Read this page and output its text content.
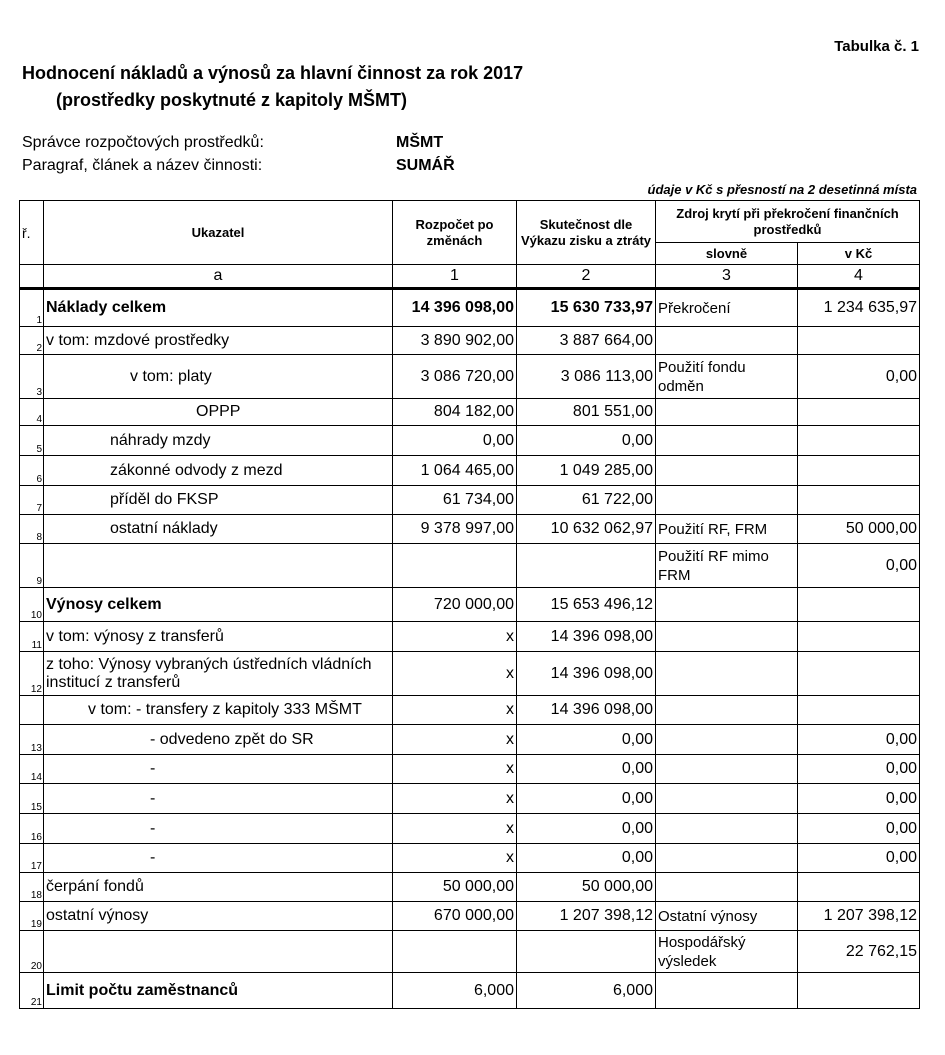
Tabulka č. 1
Hodnocení nákladů a výnosů za hlavní činnost za rok 2017
(prostředky poskytnuté z kapitoly MŠMT)
Správce rozpočtových prostředků:	MŠMT
Paragraf, článek a název činnosti:	SUMÁŘ
údaje v Kč s přesností na 2 desetinná místa
ř.	Ukazatel	Rozpočet po změnách	Skutečnost dle Výkazu zisku a ztráty	Zdroj krytí při překročení finančních prostředků	
				slovně	v Kč
	a	1	2	3	4
1	Náklady celkem	14 396 098,00	15 630 733,97	Překročení	1 234 635,97
2	v tom: mzdové prostředky	3 890 902,00	3 887 664,00		
3	v tom: platy	3 086 720,00	3 086 113,00	Použití fondu odměn	0,00
4	OPPP	804 182,00	801 551,00		
5	náhrady mzdy	0,00	0,00		
6	zákonné odvody z mezd	1 064 465,00	1 049 285,00		
7	příděl do FKSP	61 734,00	61 722,00		
8	ostatní náklady	9 378 997,00	10 632 062,97	Použití RF, FRM	50 000,00
9				Použití RF mimo FRM	0,00
10	Výnosy celkem	720 000,00	15 653 496,12		
11	v tom: výnosy z transferů	x	14 396 098,00		
12	z toho: Výnosy vybraných ústředních vládních institucí z transferů	x	14 396 098,00		
	v tom: - transfery z kapitoly 333 MŠMT	x	14 396 098,00		
13	- odvedeno zpět do SR	x	0,00		0,00
14	-	x	0,00		0,00
15	-	x	0,00		0,00
16	-	x	0,00		0,00
17	-	x	0,00		0,00
18	čerpání fondů	50 000,00	50 000,00		
19	ostatní výnosy	670 000,00	1 207 398,12	Ostatní výnosy	1 207 398,12
20				Hospodářský výsledek	22 762,15
21	Limit počtu zaměstnanců	6,000	6,000		
